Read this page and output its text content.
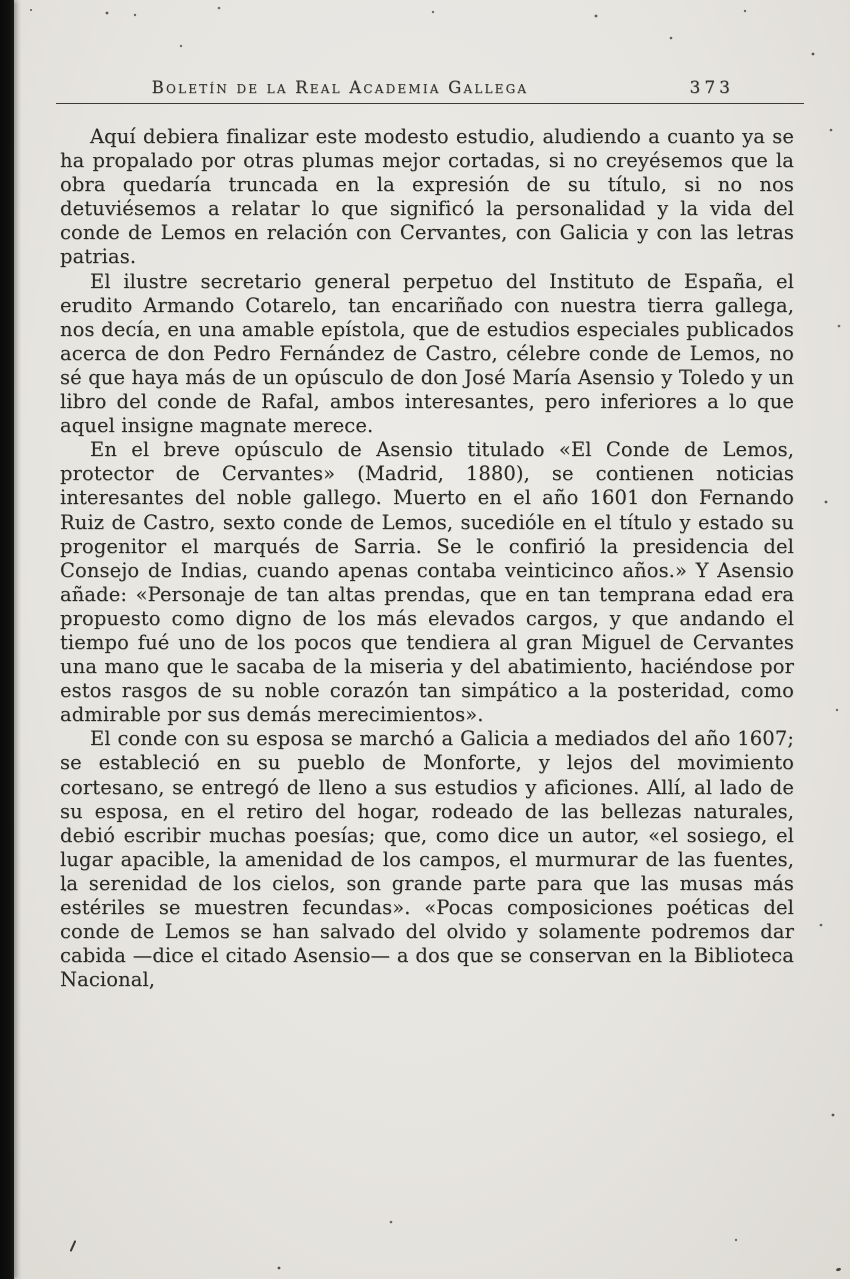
Boletín de la Real Academia Gallega	373

Aquí debiera finalizar este modesto estudio, aludiendo a cuanto ya se ha propalado por otras plumas mejor cortadas, si no creyésemos que la obra quedaría truncada en la expresión de su título, si no nos detuviésemos a relatar lo que significó la personalidad y la vida del conde de Lemos en relación con Cervantes, con Galicia y con las letras patrias.

El ilustre secretario general perpetuo del Instituto de España, el erudito Armando Cotarelo, tan encariñado con nuestra tierra gallega, nos decía, en una amable epístola, que de estudios especiales publicados acerca de don Pedro Fernández de Castro, célebre conde de Lemos, no sé que haya más de un opúsculo de don José María Asensio y Toledo y un libro del conde de Rafal, ambos interesantes, pero inferiores a lo que aquel insigne magnate merece.

En el breve opúsculo de Asensio titulado «El Conde de Lemos, protector de Cervantes» (Madrid, 1880), se contienen noticias interesantes del noble gallego. Muerto en el año 1601 don Fernando Ruiz de Castro, sexto conde de Lemos, sucedióle en el título y estado su progenitor el marqués de Sarria. Se le confirió la presidencia del Consejo de Indias, cuando apenas contaba veinticinco años.» Y Asensio añade: «Personaje de tan altas prendas, que en tan temprana edad era propuesto como digno de los más elevados cargos, y que andando el tiempo fué uno de los pocos que tendiera al gran Miguel de Cervantes una mano que le sacaba de la miseria y del abatimiento, haciéndose por estos rasgos de su noble corazón tan simpático a la posteridad, como admirable por sus demás merecimientos».

El conde con su esposa se marchó a Galicia a mediados del año 1607; se estableció en su pueblo de Monforte, y lejos del movimiento cortesano, se entregó de lleno a sus estudios y aficiones. Allí, al lado de su esposa, en el retiro del hogar, rodeado de las bellezas naturales, debió escribir muchas poesías; que, como dice un autor, «el sosiego, el lugar apacible, la amenidad de los campos, el murmurar de las fuentes, la serenidad de los cielos, son grande parte para que las musas más estériles se muestren fecundas». «Pocas composiciones poéticas del conde de Lemos se han salvado del olvido y solamente podremos dar cabida —dice el citado Asensio— a dos que se conservan en la Biblioteca Nacional,
